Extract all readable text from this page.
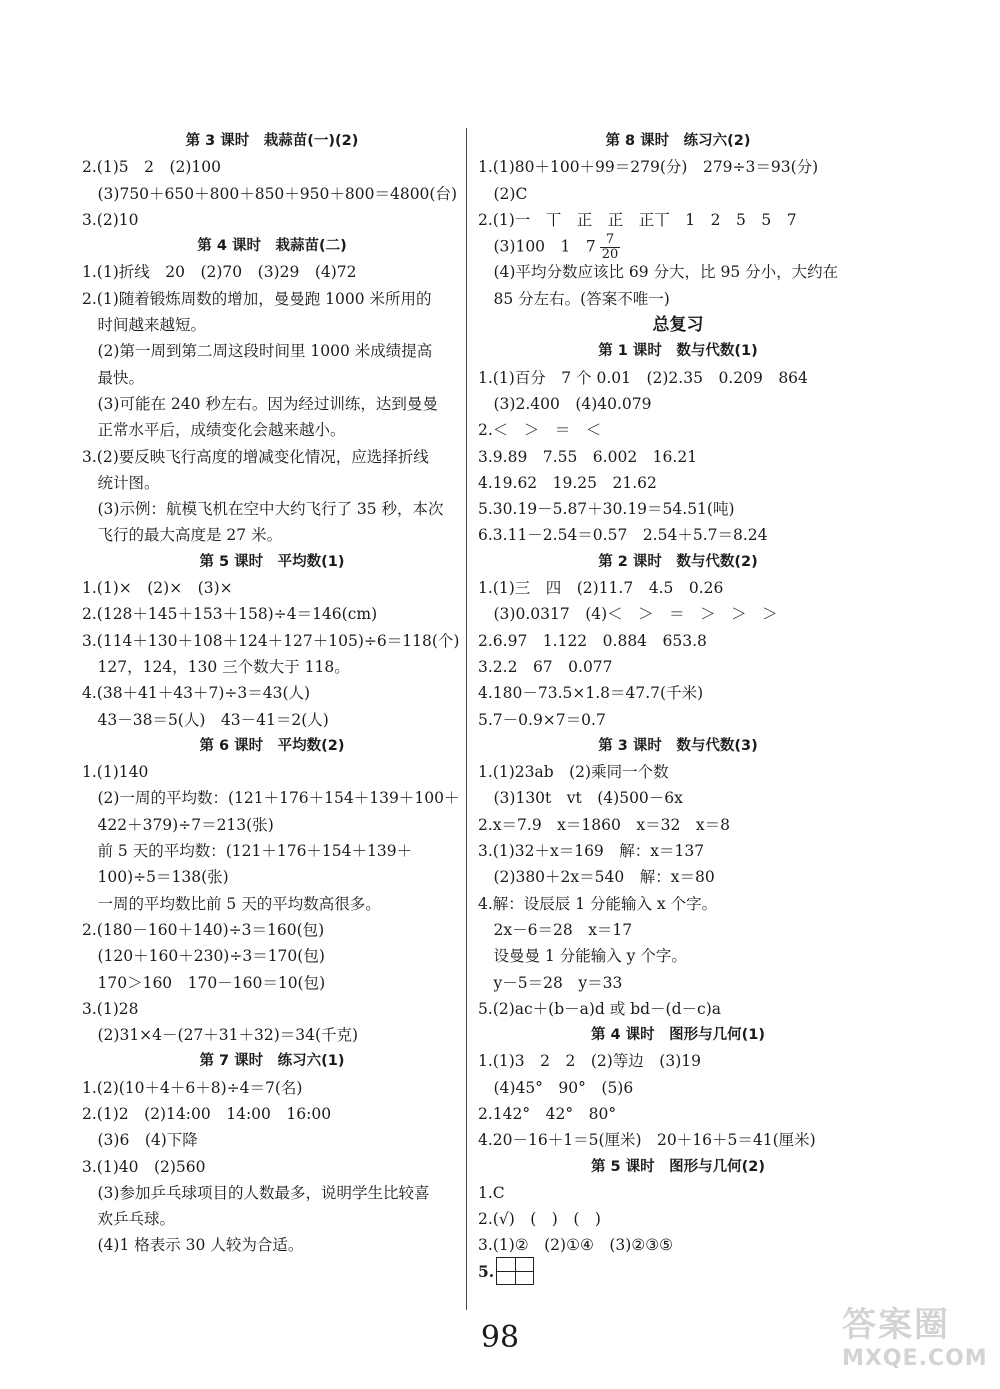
第 3 课时　栽蒜苗(一)(2)
2.(1)5　2　(2)100
　(3)750＋650＋800＋850＋950＋800＝4800(台)
3.(2)10
第 4 课时　栽蒜苗(二)
1.(1)折线　20　(2)70　(3)29　(4)72
2.(1)随着锻炼周数的增加，曼曼跑 1000 米所用的
　时间越来越短。
　(2)第一周到第二周这段时间里 1000 米成绩提高
　最快。
　(3)可能在 240 秒左右。因为经过训练，达到曼曼
　正常水平后，成绩变化会越来越小。
3.(2)要反映飞行高度的增减变化情况，应选择折线
　统计图。
　(3)示例：航模飞机在空中大约飞行了 35 秒，本次
　飞行的最大高度是 27 米。
第 5 课时　平均数(1)
1.(1)×　(2)×　(3)×
2.(128＋145＋153＋158)÷4＝146(cm)
3.(114＋130＋108＋124＋127＋105)÷6＝118(个)
　127，124，130 三个数大于 118。
4.(38＋41＋43＋7)÷3＝43(人)
　43－38＝5(人)　43－41＝2(人)
第 6 课时　平均数(2)
1.(1)140
　(2)一周的平均数：(121＋176＋154＋139＋100＋
　422＋379)÷7＝213(张)
　前 5 天的平均数：(121＋176＋154＋139＋
　100)÷5＝138(张)
　一周的平均数比前 5 天的平均数高很多。
2.(180－160＋140)÷3＝160(包)
　(120＋160＋230)÷3＝170(包)
　170＞160　170－160＝10(包)
3.(1)28
　(2)31×4－(27＋31＋32)＝34(千克)
第 7 课时　练习六(1)
1.(2)(10＋4＋6＋8)÷4＝7(名)
2.(1)2　(2)14:00　14:00　16:00
　(3)6　(4)下降
3.(1)40　(2)560
　(3)参加乒乓球项目的人数最多，说明学生比较喜
　欢乒乓球。
　(4)1 格表示 30 人较为合适。
第 8 课时　练习六(2)
1.(1)80＋100＋99＝279(分)　279÷3＝93(分)
　(2)C
2.(1)一　丅　正　正　正丅　1　2　5　5　7
　(3)100　1　$7 \frac{7}{20}$
　(4)平均分数应该比 69 分大，比 95 分小，大约在
　85 分左右。(答案不唯一)
总复习
第 1 课时　数与代数(1)
1.(1)百分　7 个 0.01　(2)2.35　0.209　864
　(3)2.400　(4)40.079
2.＜　＞　＝　＜
3.9.89　7.55　6.002　16.21
4.19.62　19.25　21.62
5.30.19－5.87＋30.19＝54.51(吨)
6.3.11－2.54＝0.57　2.54＋5.7＝8.24
第 2 课时　数与代数(2)
1.(1)三　四　(2)11.7　4.5　0.26
　(3)0.0317　(4)＜　＞　＝　＞　＞　＞
2.6.97　1.122　0.884　653.8
3.2.2　67　0.077
4.180－73.5×1.8＝47.7(千米)
5.7－0.9×7＝0.7
第 3 课时　数与代数(3)
1.(1)23ab　(2)乘同一个数
　(3)130t　vt　(4)500－6x
2.x＝7.9　x＝1860　x＝32　x＝8
3.(1)32＋x＝169　解：x＝137
　(2)380＋2x＝540　解：x＝80
4.解：设辰辰 1 分能输入 x 个字。
　2x－6＝28　x＝17
　设曼曼 1 分能输入 y 个字。
　y－5＝28　y＝33
5.(2)ac＋(b－a)d 或 bd－(d－c)a
第 4 课时　图形与几何(1)
1.(1)3　2　2　(2)等边　(3)19
　(4)45°　90°　(5)6
2.142°　42°　80°
4.20－16＋1＝5(厘米)　20＋16＋5＝41(厘米)
第 5 课时　图形与几何(2)
1.C
2.(√)　(　)　(　)
3.(1)②　(2)①④　(3)②③⑤
5.
98	答案圈
MXQE.COM
